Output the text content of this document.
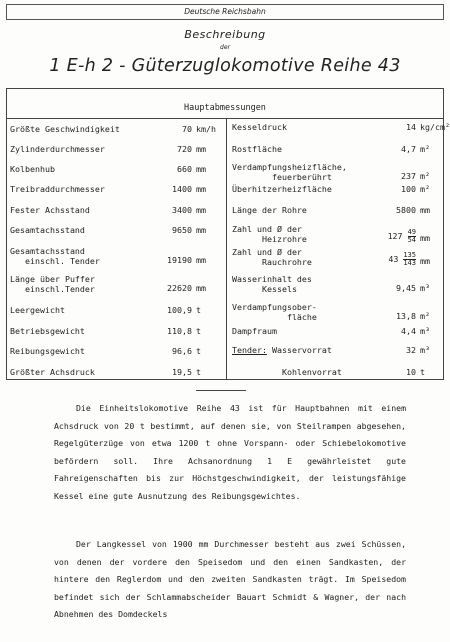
Deutsche Reichsbahn
Beschreibung
der
1 E-h 2 - Güterzuglokomotive Reihe 43
Hauptabmessungen
Größte Geschwindigkeit	70 km/h
Zylinderdurchmesser	720 mm
Kolbenhub	660 mm
Treibraddurchmesser	1400 mm
Fester Achsstand	3400 mm
Gesamtachsstand	9650 mm
Gesamtachsstand
einschl. Tender	19190 mm
Länge über Puffer
einschl.Tender	22620 mm
Leergewicht	100,9 t
Betriebsgewicht	110,8 t
Reibungsgewicht	96,6 t
Größter Achsdruck	19,5 t
Kesseldruck	14 kg/cm²
Rostfläche	4,7 m²
Verdampfungsheizfläche,
feuerberührt	237 m²
Überhitzerheizfläche	100 m²
Länge der Rohre	5800 mm
Zahl und Ø der
Heizrohre	$127 \frac{49}{54}$ mm
Zahl und Ø der
Rauchrohre	$43 \frac{135}{143}$ mm
Wasserinhalt des
Kessels	9,45 m³
Verdampfungsober-
fläche	13,8 m²
Dampfraum	4,4 m³
Tender: Wasservorrat	32 m³
Kohlenvorrat	10 t
Die Einheitslokomotive Reihe 43 ist für Hauptbahnen mit einem Achsdruck von 20 t bestimmt, auf denen sie, von Steilrampen abgesehen, Regelgüterzüge von etwa 1200 t ohne Vorspann- oder Schiebelokomotive befördern soll. Ihre Achsanordnung 1 E gewährleistet gute Fahreigenschaften bis zur Höchstgeschwindigkeit, der leistungsfähige Kessel eine gute Ausnutzung des Reibungsgewichtes.
Der Langkessel von 1900 mm Durchmesser besteht aus zwei Schüssen, von denen der vordere den Speisedom und den einen Sandkasten, der hintere den Reglerdom und den zweiten Sandkasten trägt. Im Speisedom befindet sich der Schlammabscheider Bauart Schmidt & Wagner, der nach Abnehmen des Domdeckels
